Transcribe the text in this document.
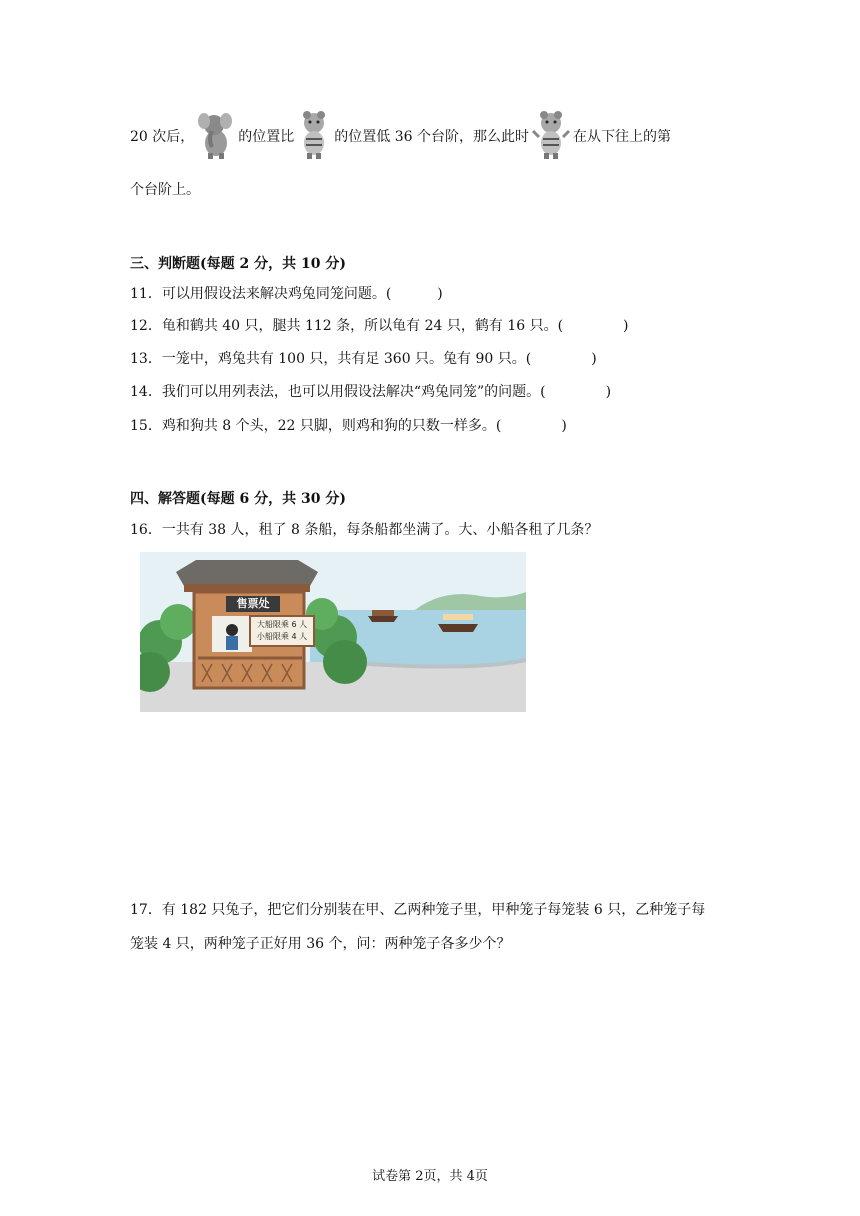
20 次后，	的位置比	的位置低 36 个台阶，那么此时	在从下往上的第
个台阶上。
三、判断题(每题 2 分，共 10 分)
11．可以用假设法来解决鸡兔同笼问题。(	)
12．龟和鹤共 40 只，腿共 112 条，所以龟有 24 只，鹤有 16 只。(	)
13．一笼中，鸡兔共有 100 只，共有足 360 只。兔有 90 只。(	)
14．我们可以用列表法，也可以用假设法解决“鸡兔同笼”的问题。(	)
15．鸡和狗共 8 个头，22 只脚，则鸡和狗的只数一样多。(	)
四、解答题(每题 6 分，共 30 分)
16．一共有 38 人，租了 8 条船，每条船都坐满了。大、小船各租了几条？
售票处
大船限乘 6 人
小船限乘 4 人
17．有 182 只兔子，把它们分别装在甲、乙两种笼子里，甲种笼子每笼装 6 只，乙种笼子每
笼装 4 只，两种笼子正好用 36 个，问：两种笼子各多少个？
试卷第 2页，共 4页
